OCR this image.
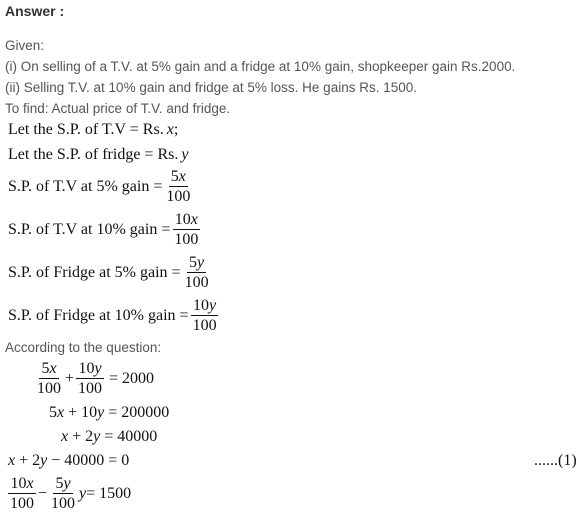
Answer :
Given:
(i) On selling of a T.V. at 5% gain and a fridge at 10% gain, shopkeeper gain Rs.2000.
(ii) Selling T.V. at 10% gain and fridge at 5% loss. He gains Rs. 1500.
To find: Actual price of T.V. and fridge.
Let the S.P. of T.V = Rs. x;
Let the S.P. of fridge = Rs. y
S.P. of T.V at 5% gain = $\frac{5x}{100}$
S.P. of T.V at 10% gain = $\frac{10x}{100}$
S.P. of Fridge at 5% gain = $\frac{5y}{100}$
S.P. of Fridge at 10% gain = $\frac{10y}{100}$
According to the question:
$\frac{5x}{100} + \frac{10y}{100} = 2000$
5x + 10y = 200000
x + 2y = 40000
x + 2y − 40000 = 0	......(1)
$\frac{10x}{100} - \frac{5y}{100}$ y = 1500
